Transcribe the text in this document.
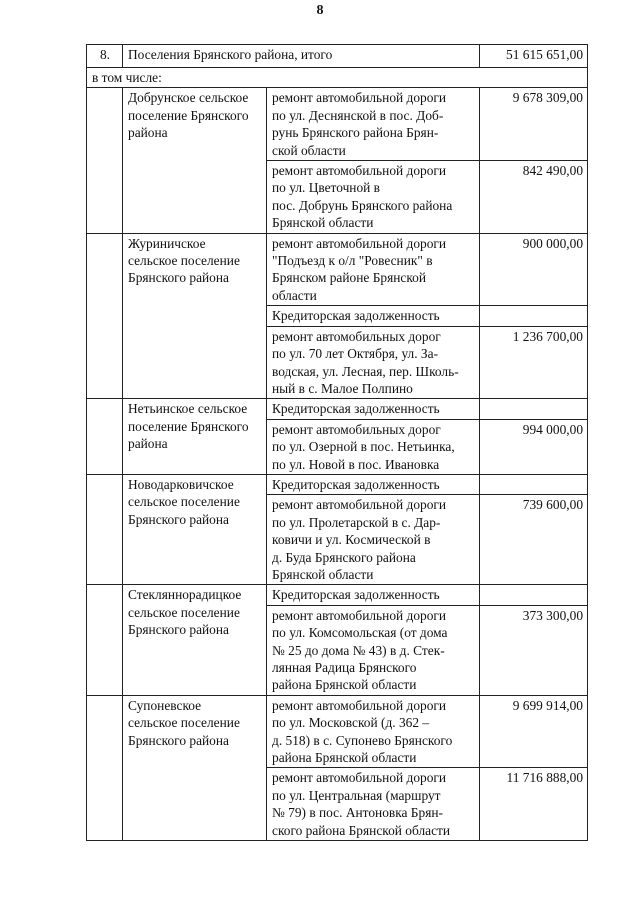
8
8.	Поселения Брянского района, итого		51 615 651,00
в том числе:			

	Добрунское сельское
поселение Брянского
района	ремонт автомобильной дороги
по ул. Деснянской в пос. Доб-
рунь Брянского района Брян-
ской области	9 678 309,00

		ремонт автомобильной дороги
по ул. Цветочной в
пос. Добрунь Брянского района
Брянской области	842 490,00

	Журиничское
сельское поселение
Брянского района	ремонт автомобильной дороги
"Подъезд к о/л "Ровесник" в
Брянском районе Брянской
области	900 000,00

		Кредиторская задолженность	

		ремонт автомобильных дорог
по ул. 70 лет Октября, ул. За-
водская, ул. Лесная, пер. Школь-
ный в с. Малое Полпино	1 236 700,00

	Нетьинское сельское
поселение Брянского
района	Кредиторская задолженность	

		ремонт автомобильных дорог
по ул. Озерной в пос. Нетьинка,
по ул. Новой в пос. Ивановка	994 000,00

	Новодарковичское
сельское поселение
Брянского района	Кредиторская задолженность	

		ремонт автомобильной дороги
по ул. Пролетарской в с. Дар-
ковичи и ул. Космической в
д. Буда Брянского района
Брянской области	739 600,00

	Стекляннорадицкое
сельское поселение
Брянского района	Кредиторская задолженность	

		ремонт автомобильной дороги
по ул. Комсомольская (от дома
№ 25 до дома № 43) в д. Стек-
лянная Радица Брянского
района Брянской области	373 300,00

	Супоневское
сельское поселение
Брянского района	ремонт автомобильной дороги
по ул. Московской (д. 362 –
д. 518) в с. Супонево Брянского
района Брянской области	9 699 914,00

		ремонт автомобильной дороги
по ул. Центральная (маршрут
№ 79) в пос. Антоновка Брян-
ского района Брянской области	11 716 888,00
